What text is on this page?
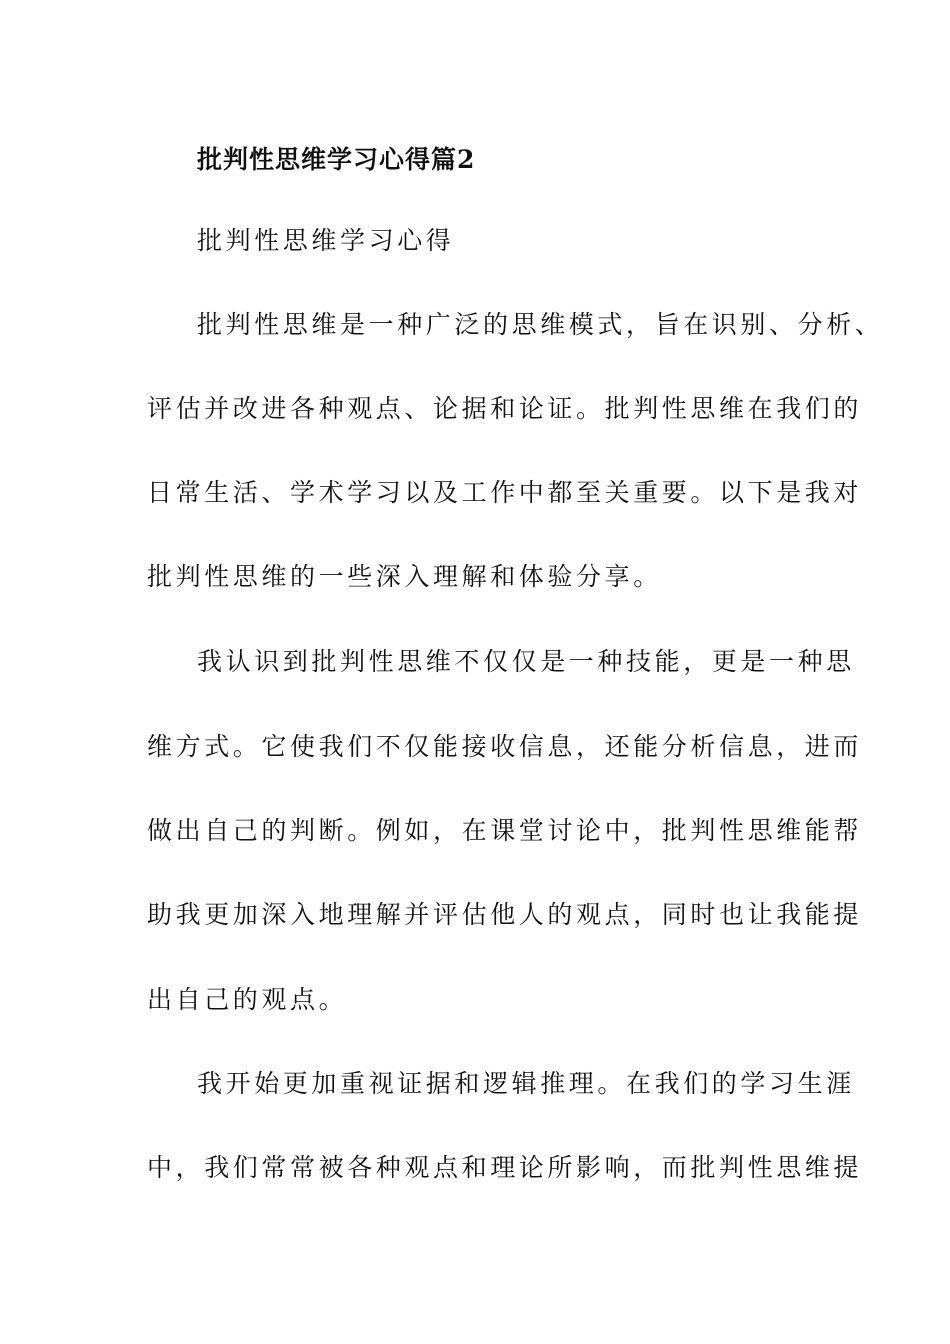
批判性思维学习心得篇2
批判性思维学习心得
批判性思维是一种广泛的思维模式，旨在识别、分析、
评估并改进各种观点、论据和论证。批判性思维在我们的
日常生活、学术学习以及工作中都至关重要。以下是我对
批判性思维的一些深入理解和体验分享。
我认识到批判性思维不仅仅是一种技能，更是一种思
维方式。它使我们不仅能接收信息，还能分析信息，进而
做出自己的判断。例如，在课堂讨论中，批判性思维能帮
助我更加深入地理解并评估他人的观点，同时也让我能提
出自己的观点。
我开始更加重视证据和逻辑推理。在我们的学习生涯
中，我们常常被各种观点和理论所影响，而批判性思维提
